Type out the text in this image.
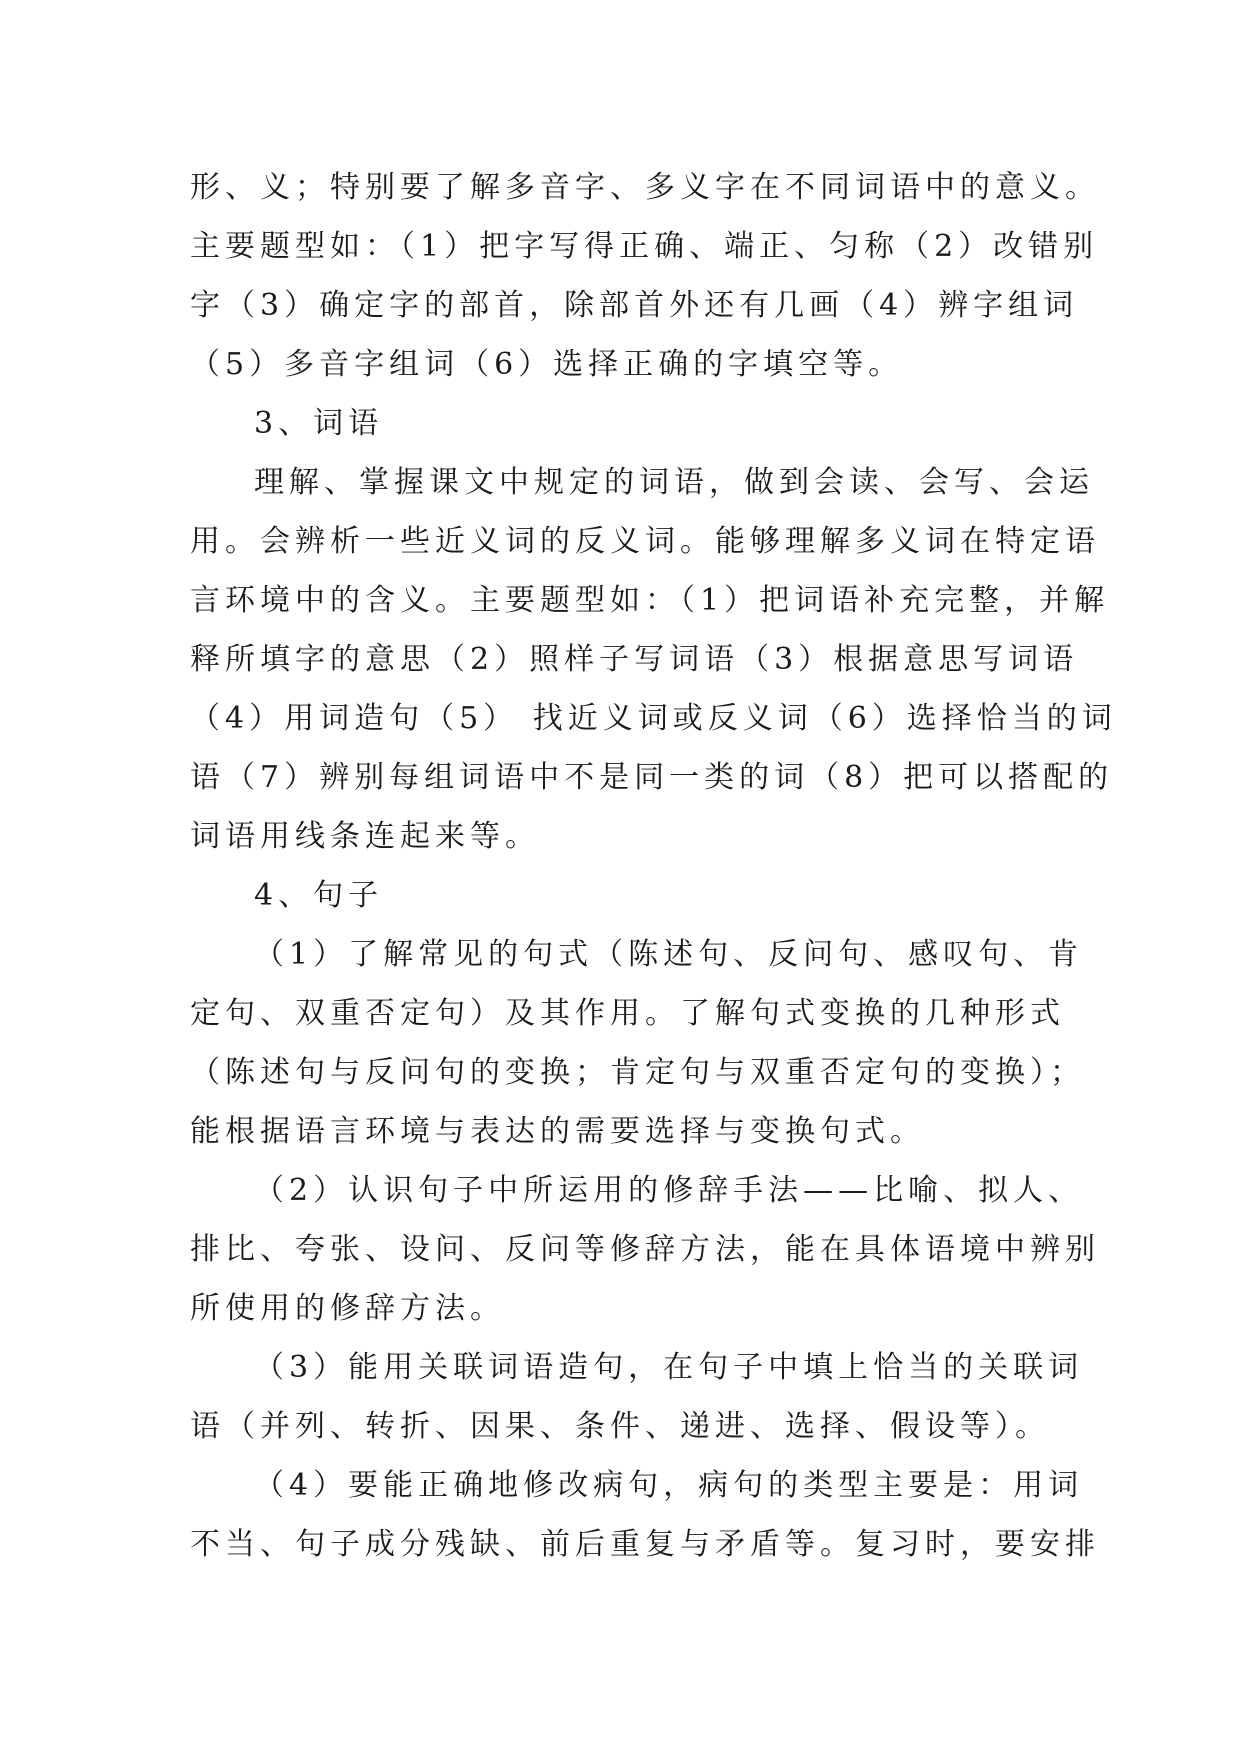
形、义；特别要了解多音字、多义字在不同词语中的意义。
主要题型如：（1）把字写得正确、端正、匀称（2）改错别
字（3）确定字的部首，除部首外还有几画（4）辨字组词
（5）多音字组词（6）选择正确的字填空等。
3、词语
理解、掌握课文中规定的词语，做到会读、会写、会运
用。会辨析一些近义词的反义词。能够理解多义词在特定语
言环境中的含义。主要题型如：（1）把词语补充完整，并解
释所填字的意思（2）照样子写词语（3）根据意思写词语
（4）用词造句（5） 找近义词或反义词（6）选择恰当的词
语（7）辨别每组词语中不是同一类的词（8）把可以搭配的
词语用线条连起来等。
4、句子
（1）了解常见的句式（陈述句、反问句、感叹句、肯
定句、双重否定句）及其作用。了解句式变换的几种形式
（陈述句与反问句的变换；肯定句与双重否定句的变换）；
能根据语言环境与表达的需要选择与变换句式。
（2）认识句子中所运用的修辞手法——比喻、拟人、
排比、夸张、设问、反问等修辞方法，能在具体语境中辨别
所使用的修辞方法。
（3）能用关联词语造句，在句子中填上恰当的关联词
语（并列、转折、因果、条件、递进、选择、假设等）。
（4）要能正确地修改病句，病句的类型主要是：用词
不当、句子成分残缺、前后重复与矛盾等。复习时，要安排
